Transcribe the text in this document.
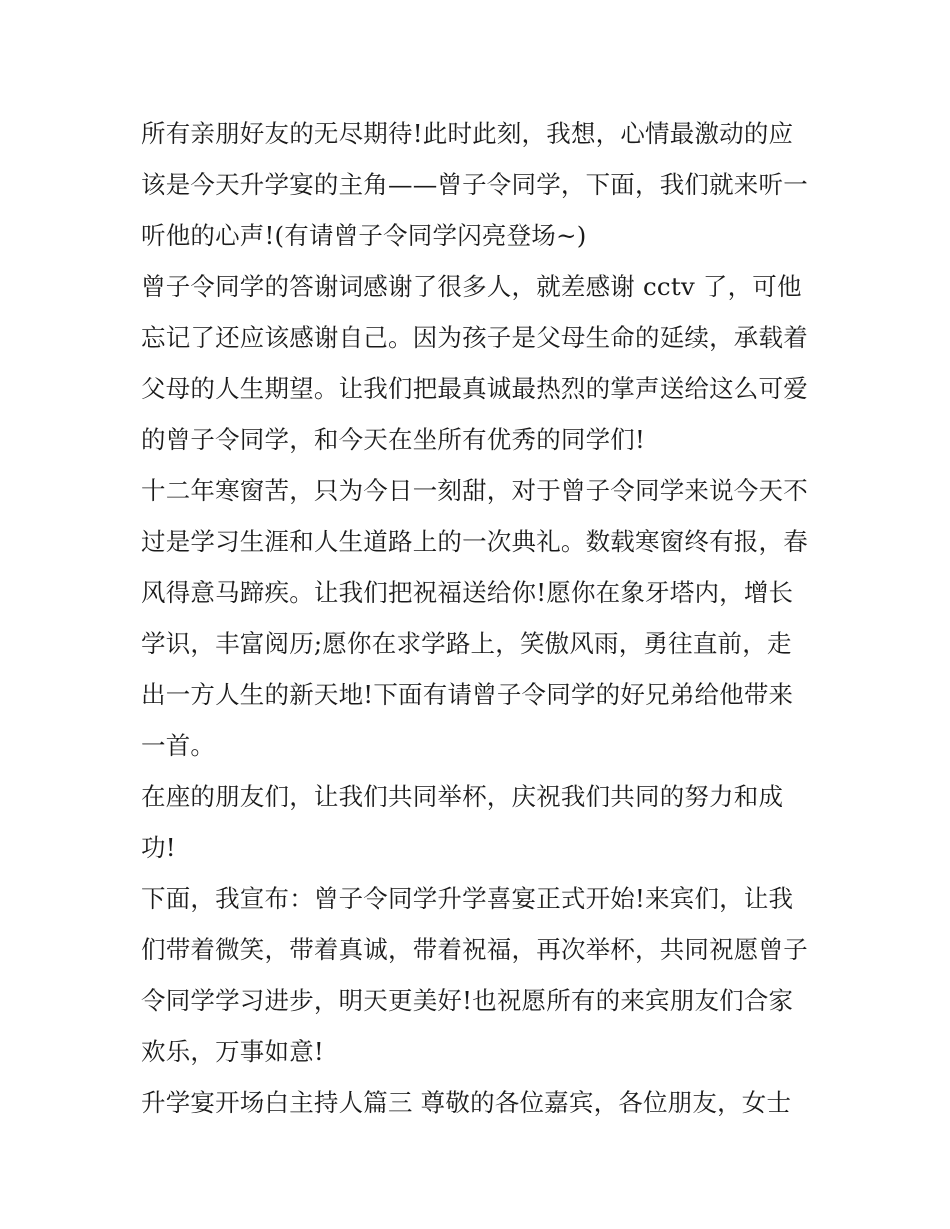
所有亲朋好友的无尽期待!此时此刻，我想，心情最激动的应
该是今天升学宴的主角——曾子令同学，下面，我们就来听一
听他的心声!(有请曾子令同学闪亮登场~)
曾子令同学的答谢词感谢了很多人，就差感谢 cctv 了，可他
忘记了还应该感谢自己。因为孩子是父母生命的延续，承载着
父母的人生期望。让我们把最真诚最热烈的掌声送给这么可爱
的曾子令同学，和今天在坐所有优秀的同学们!
十二年寒窗苦，只为今日一刻甜，对于曾子令同学来说今天不
过是学习生涯和人生道路上的一次典礼。数载寒窗终有报，春
风得意马蹄疾。让我们把祝福送给你!愿你在象牙塔内，增长
学识，丰富阅历;愿你在求学路上，笑傲风雨，勇往直前，走
出一方人生的新天地!下面有请曾子令同学的好兄弟给他带来
一首。
在座的朋友们，让我们共同举杯，庆祝我们共同的努力和成
功!
下面，我宣布：曾子令同学升学喜宴正式开始!来宾们，让我
们带着微笑，带着真诚，带着祝福，再次举杯，共同祝愿曾子
令同学学习进步，明天更美好!也祝愿所有的来宾朋友们合家
欢乐，万事如意!
升学宴开场白主持人篇三 尊敬的各位嘉宾，各位朋友，女士
